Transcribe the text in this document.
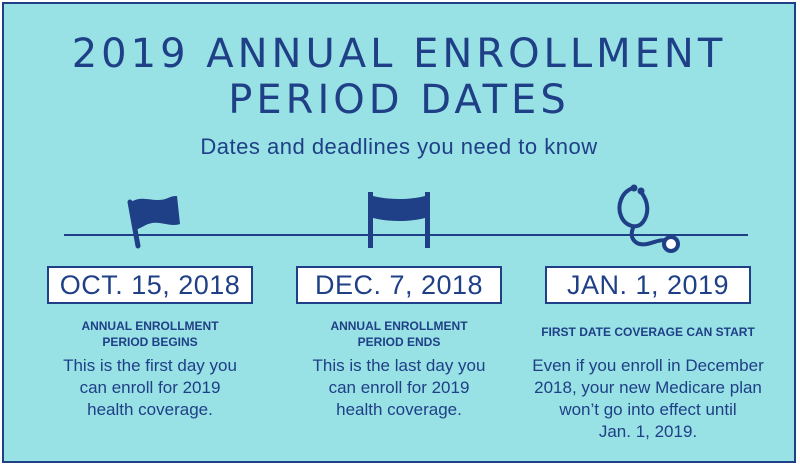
2019 ANNUAL ENROLLMENT
PERIOD DATES
Dates and deadlines you need to know
OCT. 15, 2018
ANNUAL ENROLLMENT
PERIOD BEGINS
This is the first day you
can enroll for 2019
health coverage.
DEC. 7, 2018
ANNUAL ENROLLMENT
PERIOD ENDS
This is the last day you
can enroll for 2019
health coverage.
JAN. 1, 2019
FIRST DATE COVERAGE CAN START
Even if you enroll in December
2018, your new Medicare plan
won’t go into effect until
Jan. 1, 2019.
